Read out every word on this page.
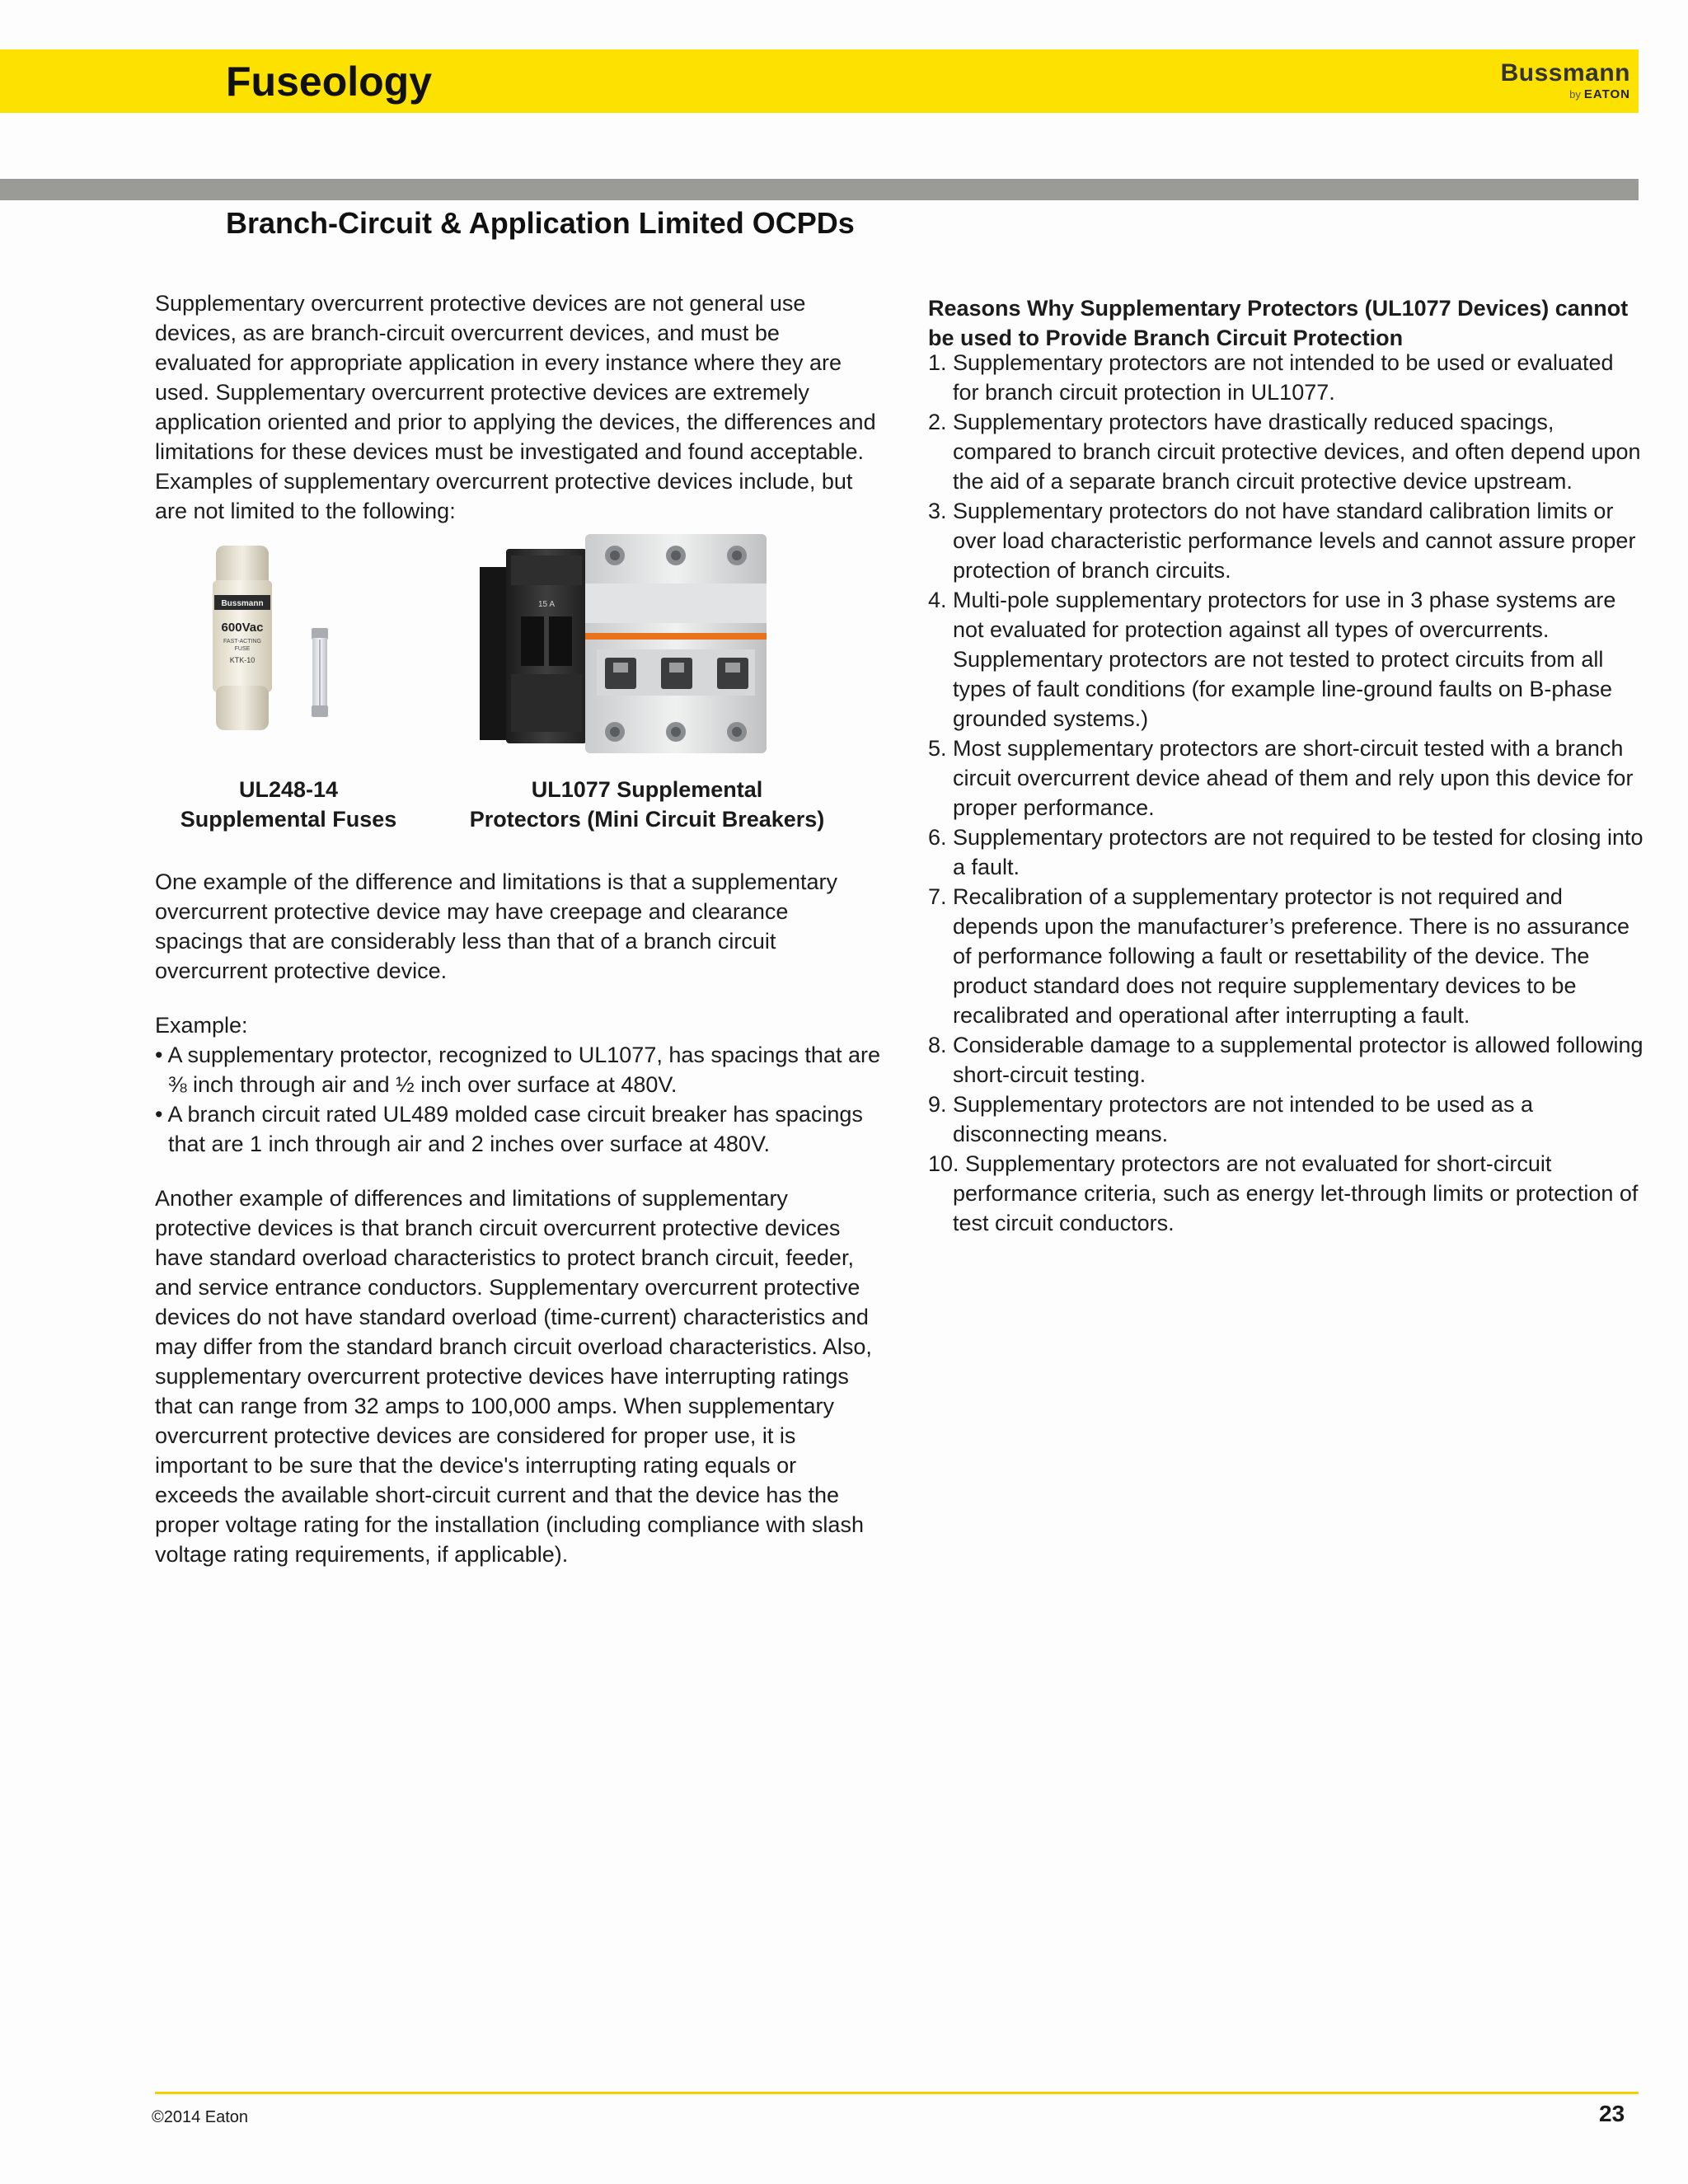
Fuseology	Bussmann
by EATON
Branch-Circuit & Application Limited OCPDs

Supplementary overcurrent protective devices are not general use devices, as are branch-circuit overcurrent devices, and must be evaluated for appropriate application in every instance where they are used. Supplementary overcurrent protective devices are extremely application oriented and prior to applying the devices, the differences and limitations for these devices must be investigated and found acceptable. Examples of supplementary overcurrent protective devices include, but are not limited to the following:

Bussmann
600Vac
FAST-ACTING
FUSE
KTK-10
15 A
UL248-14
Supplemental Fuses
UL1077 Supplemental
Protectors (Mini Circuit Breakers)

One example of the difference and limitations is that a supplementary overcurrent protective device may have creepage and clearance spacings that are considerably less than that of a branch circuit overcurrent protective device.

Example:
• A supplementary protector, recognized to UL1077, has spacings that are ⅜ inch through air and ½ inch over surface at 480V.
• A branch circuit rated UL489 molded case circuit breaker has spacings that are 1 inch through air and 2 inches over surface at 480V.

Another example of differences and limitations of supplementary protective devices is that branch circuit overcurrent protective devices have standard overload characteristics to protect branch circuit, feeder, and service entrance conductors. Supplementary overcurrent protective devices do not have standard overload (time-current) characteristics and may differ from the standard branch circuit overload characteristics. Also, supplementary overcurrent protective devices have interrupting ratings that can range from 32 amps to 100,000 amps. When supplementary overcurrent protective devices are considered for proper use, it is important to be sure that the device's interrupting rating equals or exceeds the available short-circuit current and that the device has the proper voltage rating for the installation (including compliance with slash voltage rating requirements, if applicable).

Reasons Why Supplementary Protectors (UL1077 Devices) cannot be used to Provide Branch Circuit Protection
1. Supplementary protectors are not intended to be used or evaluated for branch circuit protection in UL1077.
2. Supplementary protectors have drastically reduced spacings, compared to branch circuit protective devices, and often depend upon the aid of a separate branch circuit protective device upstream.
3. Supplementary protectors do not have standard calibration limits or over load characteristic performance levels and cannot assure proper protection of branch circuits.
4. Multi-pole supplementary protectors for use in 3 phase systems are not evaluated for protection against all types of overcurrents. Supplementary protectors are not tested to protect circuits from all types of fault conditions (for example line-ground faults on B-phase grounded systems.)
5. Most supplementary protectors are short-circuit tested with a branch circuit overcurrent device ahead of them and rely upon this device for proper performance.
6. Supplementary protectors are not required to be tested for closing into a fault.
7. Recalibration of a supplementary protector is not required and depends upon the manufacturer’s preference. There is no assurance of performance following a fault or resettability of the device. The product standard does not require supplementary devices to be recalibrated and operational after interrupting a fault.
8. Considerable damage to a supplemental protector is allowed following short-circuit testing.
9. Supplementary protectors are not intended to be used as a disconnecting means.
10. Supplementary protectors are not evaluated for short-circuit performance criteria, such as energy let-through limits or protection of test circuit conductors.
©2014 Eaton	23
